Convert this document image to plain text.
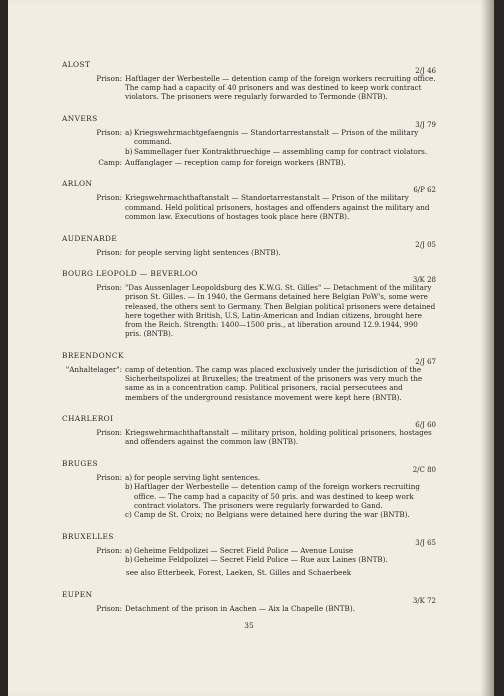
ALOST
2/J 46
Prison: Haftlager der Werbestelle — detention camp of the foreign workers recruiting office. The camp had a capacity of 40 prisoners and was destined to keep work contract violators. The prisoners were regularly forwarded to Termonde (BNTB).
ANVERS
3/J 79
Prison: a) Kriegswehrmachtgefaengnis — Standortarrestanstalt — Prison of the military command.
b) Sammellager fuer Kontraktbruechige — assembling camp for contract violators.
Camp: Auffanglager — reception camp for foreign workers (BNTB).
ARLON
6/P 62
Prison: Kriegswehrmachthaftanstalt — Standortarrestanstalt — Prison of the military command. Held political prisoners, hostages and offenders against the military and common law. Executions of hostages took place here (BNTB).
AUDENARDE
2/J 05
Prison: for people serving light sentences (BNTB).
BOURG LEOPOLD — BEVERLOO
3/K 28
Prison: "Das Aussenlager Leopoldsburg des K.W.G. St. Gilles" — Detachment of the military prison St. Gilles. — In 1940, the Germans detained here Belgian PoW's, some were released, the others sent to Germany. Then Belgian political prisoners were detained here together with British, U.S, Latin-American and Indian citizens, brought here from the Reich. Strength: 1400—1500 pris., at liberation around 12.9.1944, 990 pris. (BNTB).
BREENDONCK
2/J 67
"Anhaltelager": camp of detention. The camp was placed exclusively under the jurisdiction of the Sicherheitspolizei at Bruxelles; the treatment of the prisoners was very much the same as in a concentration camp. Political prisoners, racial persecutees and members of the underground resistance movement were kept here (BNTB).
CHARLEROI
6/J 60
Prison: Kriegswehrmachthaftanstalt — military prison, holding political prisoners, hostages and offenders against the common law (BNTB).
BRUGES
2/C 80
Prison: a) for people serving light sentences.
b) Haftlager der Werbestelle — detention camp of the foreign workers recruiting office. — The camp had a capacity of 50 pris. and was destined to keep work contract violators. The prisoners were regularly forwarded to Gand.
c) Camp de St. Croix; no Belgians were detained here during the war (BNTB).
BRUXELLES
3/J 65
Prison: a) Geheime Feldpolizei — Secret Field Police — Avenue Louise
b) Geheime Feldpolizei — Secret Field Police — Rue aux Laines (BNTB).
see also Etterbeek, Forest, Laeken, St. Gilles and Schaerbeek
EUPEN
3/K 72
Prison: Detachment of the prison in Aachen — Aix la Chapelle (BNTB).
35
